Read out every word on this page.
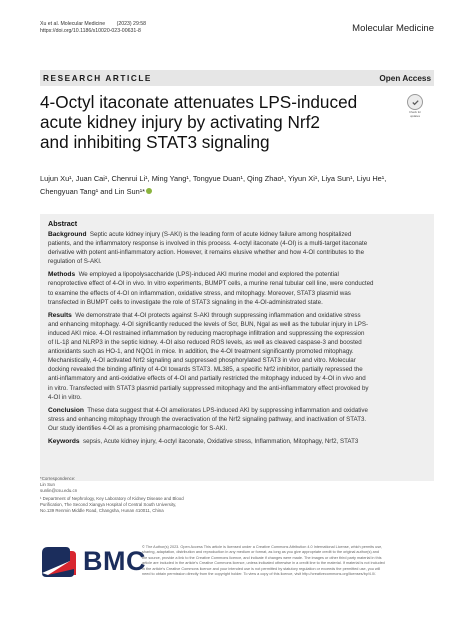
Xu et al. Molecular Medicine (2023) 29:58
https://doi.org/10.1186/s10020-023-00631-8	Molecular Medicine
RESEARCH ARTICLE	Open Access
4-Octyl itaconate attenuates LPS-induced
acute kidney injury by activating Nrf2
and inhibiting STAT3 signaling
Check for
updates
Lujun Xu¹, Juan Cai¹, Chenrui Li¹, Ming Yang¹, Tongyue Duan¹, Qing Zhao¹, Yiyun Xi¹, Liya Sun¹, Liyu He¹,
Chengyuan Tang¹ and Lin Sun¹*
Abstract
Background Septic acute kidney injury (S-AKI) is the leading form of acute kidney failure among hospitalized
patients, and the inflammatory response is involved in this process. 4-octyl itaconate (4-OI) is a multi-target itaconate
derivative with potent anti-inflammatory action. However, it remains elusive whether and how 4-OI contributes to the
regulation of S-AKI.
Methods We employed a lipopolysaccharide (LPS)-induced AKI murine model and explored the potential
renoprotective effect of 4-OI in vivo. In vitro experiments, BUMPT cells, a murine renal tubular cell line, were conducted
to examine the effects of 4-OI on inflammation, oxidative stress, and mitophagy. Moreover, STAT3 plasmid was
transfected in BUMPT cells to investigate the role of STAT3 signaling in the 4-OI-administrated state.
Results We demonstrate that 4-OI protects against S-AKI through suppressing inflammation and oxidative stress
and enhancing mitophagy. 4-OI significantly reduced the levels of Scr, BUN, Ngal as well as the tubular injury in LPS-
induced AKI mice. 4-OI restrained inflammation by reducing macrophage infiltration and suppressing the expression
of IL-1β and NLRP3 in the septic kidney. 4-OI also reduced ROS levels, as well as cleaved caspase-3 and boosted
antioxidants such as HO-1, and NQO1 in mice. In addition, the 4-OI treatment significantly promoted mitophagy.
Mechanistically, 4-OI activated Nrf2 signaling and suppressed phosphorylated STAT3 in vivo and vitro. Molecular
docking revealed the binding affinity of 4-OI towards STAT3. ML385, a specific Nrf2 inhibitor, partially repressed the
anti-inflammatory and anti-oxidative effects of 4-OI and partially restricted the mitophagy induced by 4-OI in vivo and
in vitro. Transfected with STAT3 plasmid partially suppressed mitophagy and the anti-inflammatory effect provoked by
4-OI in vitro.
Conclusion These data suggest that 4-OI ameliorates LPS-induced AKI by suppressing inflammation and oxidative
stress and enhancing mitophagy through the overactivation of the Nrf2 signaling pathway, and inactivation of STAT3.
Our study identifies 4-OI as a promising pharmacologic for S-AKI.
Keywords sepsis, Acute kidney injury, 4-octyl itaconate, Oxidative stress, Inflammation, Mitophagy, Nrf2, STAT3
*Correspondence:
Lin Sun
sunlin@csu.edu.cn
¹ Department of Nephrology, Key Laboratory of Kidney Disease and Blood
Purification, The Second Xiangya Hospital of Central South University,
No.139 Renmin Middle Road, Changsha, Hunan 410011, China
BMC
© The Author(s) 2023. Open Access This article is licensed under a Creative Commons Attribution 4.0 International License, which permits use,
sharing, adaptation, distribution and reproduction in any medium or format, as long as you give appropriate credit to the original author(s) and
the source, provide a link to the Creative Commons licence, and indicate if changes were made. The images or other third party material in this
article are included in the article's Creative Commons licence, unless indicated otherwise in a credit line to the material. If material is not included
in the article's Creative Commons licence and your intended use is not permitted by statutory regulation or exceeds the permitted use, you will
need to obtain permission directly from the copyright holder. To view a copy of this licence, visit http://creativecommons.org/licenses/by/4.0/.
